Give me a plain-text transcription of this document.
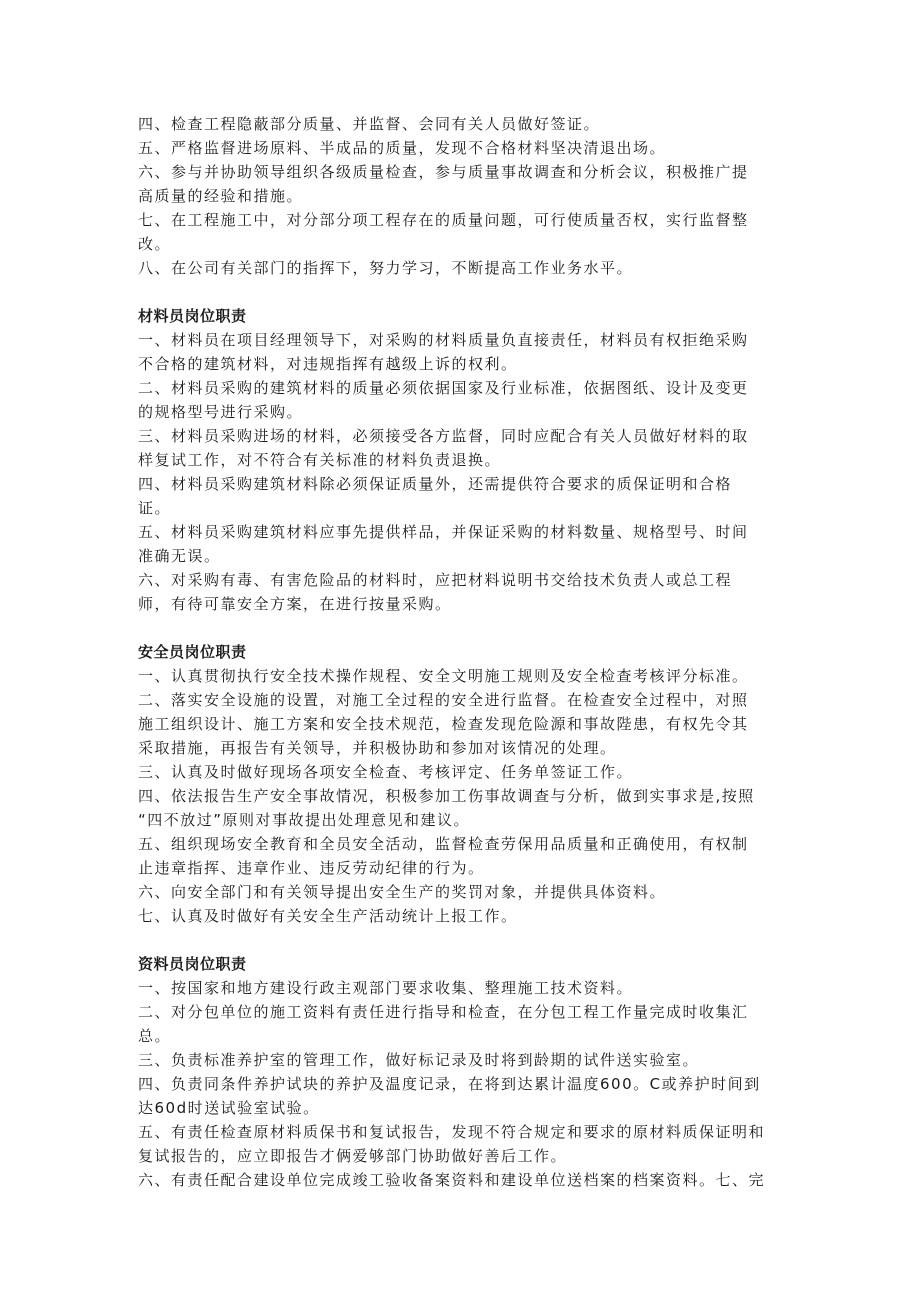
四、检查工程隐蔽部分质量、并监督、会同有关人员做好签证。
五、严格监督进场原料、半成品的质量，发现不合格材料坚决清退出场。
六、参与并协助领导组织各级质量检查，参与质量事故调查和分析会议，积极推广提
高质量的经验和措施。
七、在工程施工中，对分部分项工程存在的质量问题，可行使质量否权，实行监督整
改。
八、在公司有关部门的指挥下，努力学习，不断提高工作业务水平。
材料员岗位职责
一、材料员在项目经理领导下，对采购的材料质量负直接责任，材料员有权拒绝采购
不合格的建筑材料，对违规指挥有越级上诉的权利。
二、材料员采购的建筑材料的质量必须依据国家及行业标准，依据图纸、设计及变更
的规格型号进行采购。
三、材料员采购进场的材料，必须接受各方监督，同时应配合有关人员做好材料的取
样复试工作，对不符合有关标准的材料负责退换。
四、材料员采购建筑材料除必须保证质量外，还需提供符合要求的质保证明和合格
证。
五、材料员采购建筑材料应事先提供样品，并保证采购的材料数量、规格型号、时间
准确无误。
六、对采购有毒、有害危险品的材料时，应把材料说明书交给技术负责人或总工程
师，有待可靠安全方案，在进行按量采购。
安全员岗位职责
一、认真贯彻执行安全技术操作规程、安全文明施工规则及安全检查考核评分标准。
二、落实安全设施的设置，对施工全过程的安全进行监督。在检查安全过程中，对照
施工组织设计、施工方案和安全技术规范，检查发现危险源和事故陛患，有权先令其
采取措施，再报告有关领导，并积极协助和参加对该情况的处理。
三、认真及时做好现场各项安全检查、考核评定、任务单签证工作。
四、依法报告生产安全事故情况，积极参加工伤事故调查与分析，做到实事求是,按照
“四不放过”原则对事故提出处理意见和建议。
五、组织现场安全教育和全员安全活动，监督检查劳保用品质量和正确使用，有权制
止违章指挥、违章作业、违反劳动纪律的行为。
六、向安全部门和有关领导提出安全生产的奖罚对象，并提供具体资料。
七、认真及时做好有关安全生产活动统计上报工作。
资料员岗位职责
一、按国家和地方建设行政主观部门要求收集、整理施工技术资料。
二、对分包单位的施工资料有责任进行指导和检查，在分包工程工作量完成时收集汇
总。
三、负责标准养护室的管理工作，做好标记录及时将到龄期的试件送实验室。
四、负责同条件养护试块的养护及温度记录，在将到达累计温度600。C或养护时间到
达60d时送试验室试验。
五、有责任检查原材料质保书和复试报告，发现不符合规定和要求的原材料质保证明和
复试报告的，应立即报告才俩爱够部门协助做好善后工作。
六、有责任配合建设单位完成竣工验收备案资料和建设单位送档案的档案资料。七、完
